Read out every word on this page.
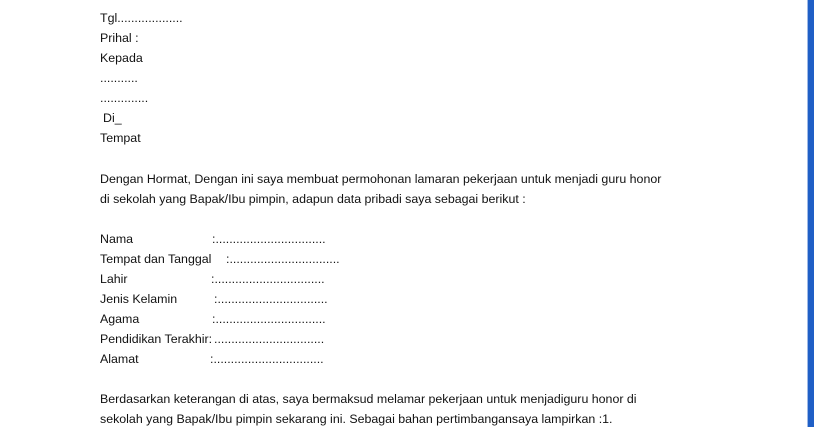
Tgl...................
Prihal :
Kepada
...........
..............
Di_
Tempat
Dengan Hormat, Dengan ini saya membuat permohonan lamaran pekerjaan untuk menjadi guru honor
di sekolah yang Bapak/Ibu pimpin, adapun data pribadi saya sebagai berikut :
Nama	:................................
Tempat dan Tanggal :................................
Lahir	:................................
Jenis Kelamin	:................................
Agama	:................................
Pendidikan Terakhir: ................................
Alamat	:................................
Berdasarkan keterangan di atas, saya bermaksud melamar pekerjaan untuk menjadiguru honor di
sekolah yang Bapak/Ibu pimpin sekarang ini. Sebagai bahan pertimbangansaya lampirkan :1.
